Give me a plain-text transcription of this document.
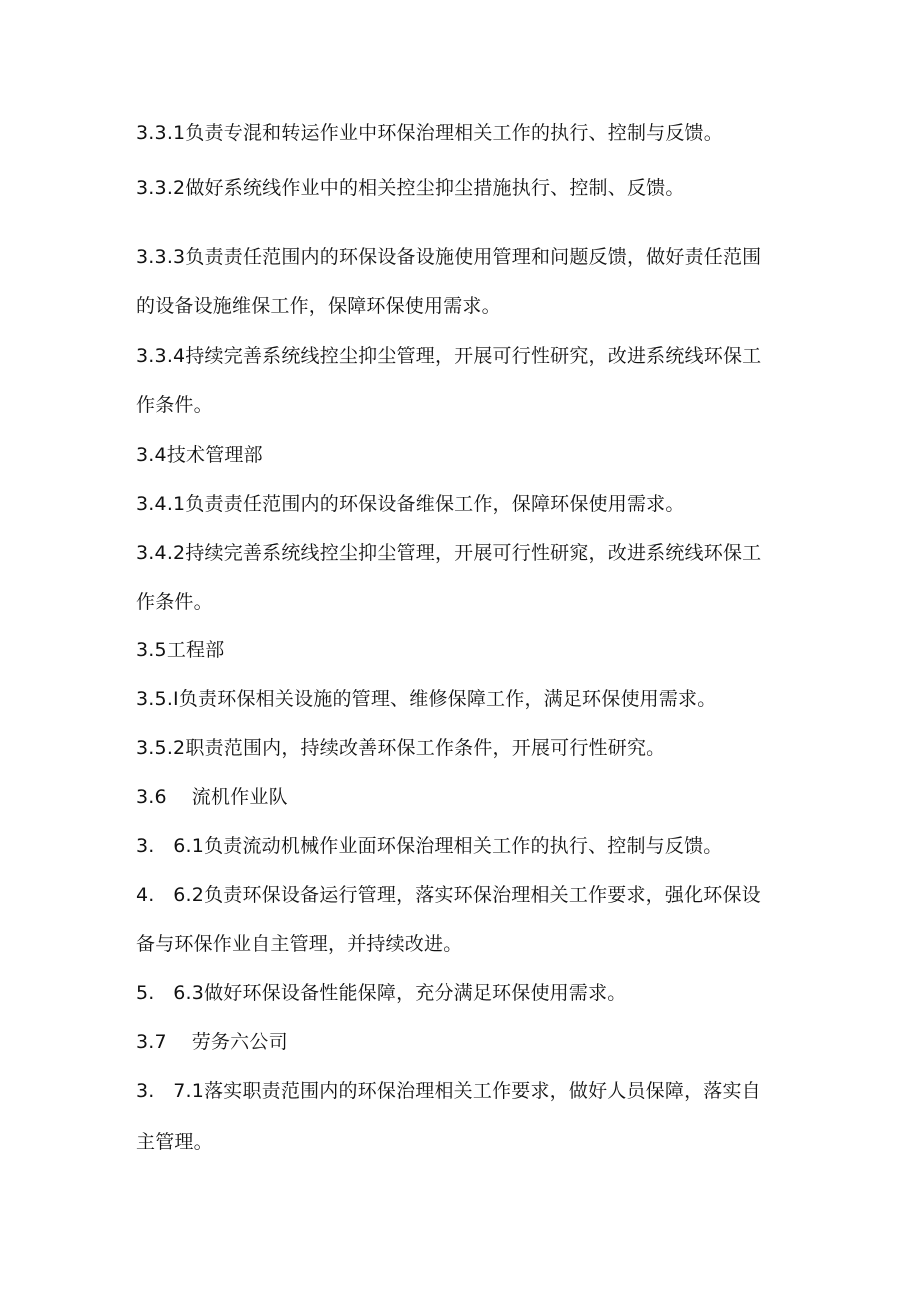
3.3.1负责专混和转运作业中环保治理相关工作的执行、控制与反馈。
3.3.2做好系统线作业中的相关控尘抑尘措施执行、控制、反馈。
3.3.3负责责任范围内的环保设备设施使用管理和问题反馈，做好责任范围
的设备设施维保工作，保障环保使用需求。
3.3.4持续完善系统线控尘抑尘管理，开展可行性研究，改进系统线环保工
作条件。
3.4技术管理部
3.4.1负责责任范围内的环保设备维保工作，保障环保使用需求。
3.4.2持续完善系统线控尘抑尘管理，开展可行性研窕，改进系统线环保工
作条件。
3.5工程部
3.5.I负责环保相关设施的管理、维修保障工作，满足环保使用需求。
3.5.2职责范围内，持续改善环保工作条件，开展可行性研究。
3.6    流机作业队
3.   6.1负责流动机械作业面环保治理相关工作的执行、控制与反馈。
4.   6.2负责环保设备运行管理，落实环保治理相关工作要求，强化环保设
备与环保作业自主管理，并持续改进。
5.   6.3做好环保设备性能保障，充分满足环保使用需求。
3.7    劳务六公司
3.   7.1落实职责范围内的环保治理相关工作要求，做好人员保障，落实自
主管理。
